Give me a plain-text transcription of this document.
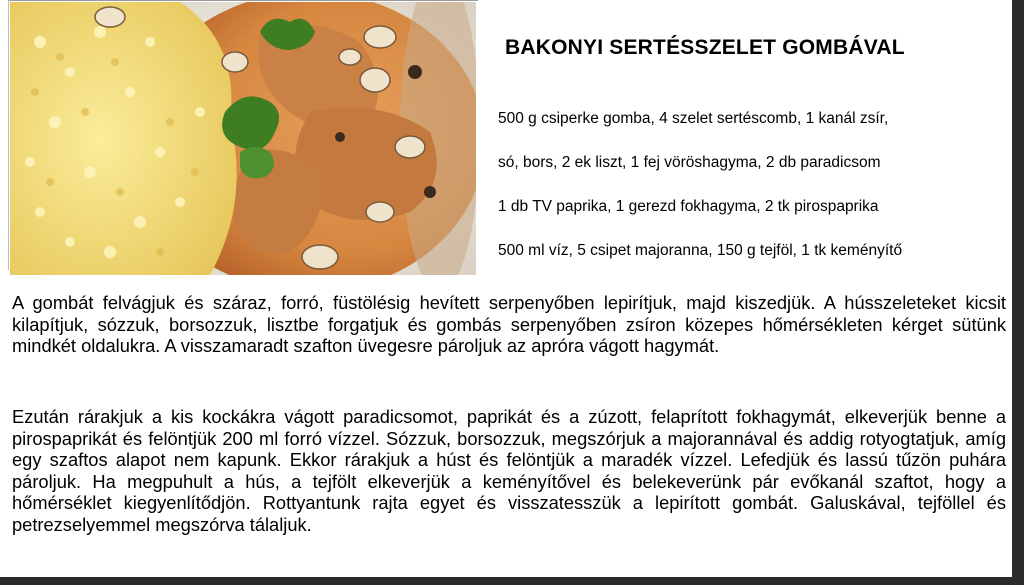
BAKONYI SERTÉSSZELET GOMBÁVAL
500 g csiperke gomba, 4 szelet sertéscomb, 1 kanál zsír,
só, bors, 2 ek liszt, 1 fej vöröshagyma, 2 db paradicsom
1 db TV paprika, 1 gerezd fokhagyma, 2 tk pirospaprika
500 ml víz, 5 csipet majoranna, 150 g tejföl, 1 tk keményítő

A gombát felvágjuk és száraz, forró, füstölésig hevített serpenyőben lepirítjuk, majd kiszedjük. A hússzeleteket kicsit kilapítjuk, sózzuk, borsozzuk, lisztbe forgatjuk és gombás serpenyőben zsíron közepes hőmérsékleten kérget sütünk mindkét oldalukra. A visszamaradt szafton üvegesre pároljuk az apróra vágott hagymát.

Ezután rárakjuk a kis kockákra vágott paradicsomot, paprikát és a zúzott, felaprított fokhagymát, elkeverjük benne a pirospaprikát és felöntjük 200 ml forró vízzel. Sózzuk, borsozzuk, megszórjuk a majorannával és addig rotyogtatjuk, amíg egy szaftos alapot nem kapunk. Ekkor rárakjuk a húst és felöntjük a maradék vízzel. Lefedjük és lassú tűzön puhára pároljuk. Ha megpuhult a hús, a tejfölt elkeverjük a keményítővel és belekeverünk pár evőkanál szaftot, hogy a hőmérséklet kiegyenlítődjön. Rottyantunk rajta egyet és visszatesszük a lepirított gombát. Galuskával, tejföllel és petrezselyemmel megszórva tálaljuk.
